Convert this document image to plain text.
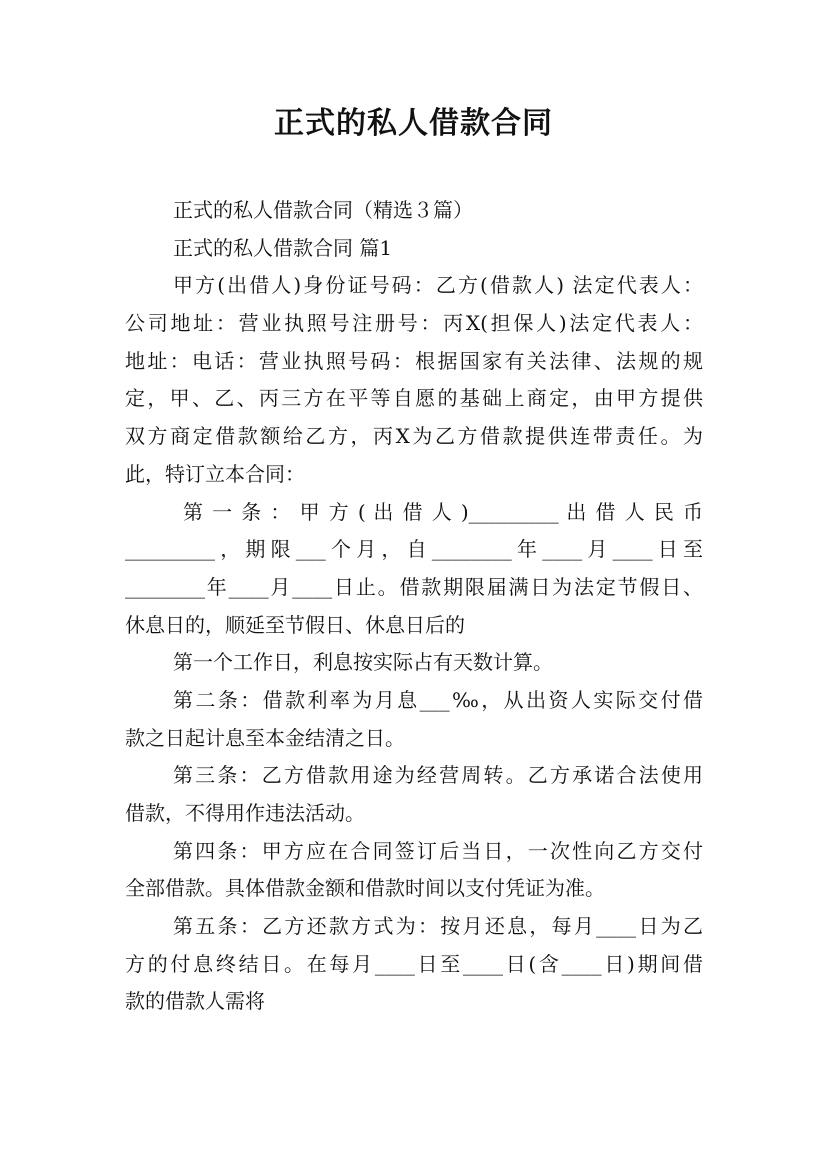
正式的私人借款合同
正式的私人借款合同（精选３篇）
正式的私人借款合同 篇1
甲方(出借人)身份证号码：乙方(借款人) 法定代表人：
公司地址：营业执照号注册号：丙X(担保人)法定代表人：
地址：电话：营业执照号码：根据国家有关法律、法规的规
定，甲、乙、丙三方在平等自愿的基础上商定，由甲方提供
双方商定借款额给乙方，丙X为乙方借款提供连带责任。为
此，特订立本合同：
第 一 条 ： 甲 方 ( 出 借 人 )_________ 出 借 人 民 币
_________，期限___个月，自________年____月____日至
________年____月____日止。借款期限届满日为法定节假日、
休息日的，顺延至节假日、休息日后的
第一个工作日，利息按实际占有天数计算。
第二条：借款利率为月息___‰，从出资人实际交付借
款之日起计息至本金结清之日。
第三条：乙方借款用途为经营周转。乙方承诺合法使用
借款，不得用作违法活动。
第四条：甲方应在合同签订后当日，一次性向乙方交付
全部借款。具体借款金额和借款时间以支付凭证为准。
第五条：乙方还款方式为：按月还息，每月____日为乙
方的付息终结日。在每月____日至____日(含____日)期间借
款的借款人需将
